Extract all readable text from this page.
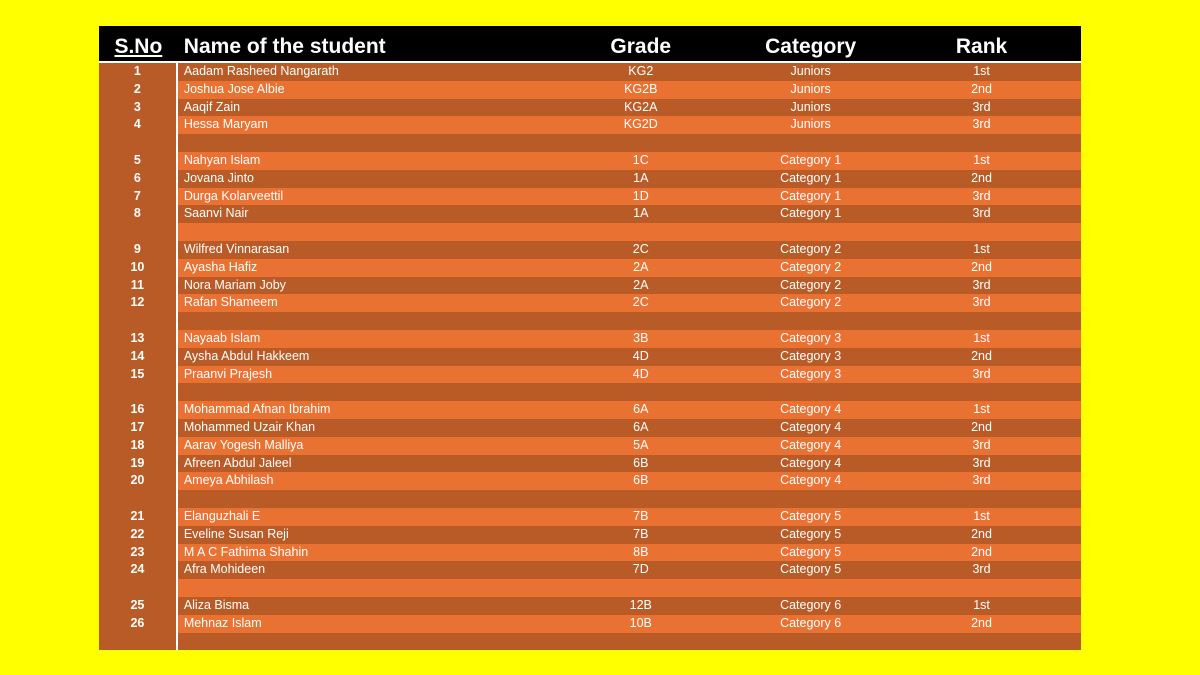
S.No	Name of the student	Grade	Category	Rank
1	Aadam Rasheed Nangarath	KG2	Juniors	1st
2	Joshua Jose Albie	KG2B	Juniors	2nd
3	Aaqif Zain	KG2A	Juniors	3rd
4	Hessa Maryam	KG2D	Juniors	3rd
5	Nahyan Islam	1C	Category 1	1st
6	Jovana Jinto	1A	Category 1	2nd
7	Durga Kolarveettil	1D	Category 1	3rd
8	Saanvi Nair	1A	Category 1	3rd
9	Wilfred Vinnarasan	2C	Category 2	1st
10	Ayasha Hafiz	2A	Category 2	2nd
11	Nora Mariam Joby	2A	Category 2	3rd
12	Rafan Shameem	2C	Category 2	3rd
13	Nayaab Islam	3B	Category 3	1st
14	Aysha Abdul Hakkeem	4D	Category 3	2nd
15	Praanvi Prajesh	4D	Category 3	3rd
16	Mohammad Afnan Ibrahim	6A	Category 4	1st
17	Mohammed Uzair Khan	6A	Category 4	2nd
18	Aarav Yogesh Malliya	5A	Category 4	3rd
19	Afreen Abdul Jaleel	6B	Category 4	3rd
20	Ameya Abhilash	6B	Category 4	3rd
21	Elanguzhali E	7B	Category 5	1st
22	Eveline Susan Reji	7B	Category 5	2nd
23	M A C Fathima Shahin	8B	Category 5	2nd
24	Afra Mohideen	7D	Category 5	3rd
25	Aliza Bisma	12B	Category 6	1st
26	Mehnaz Islam	10B	Category 6	2nd
